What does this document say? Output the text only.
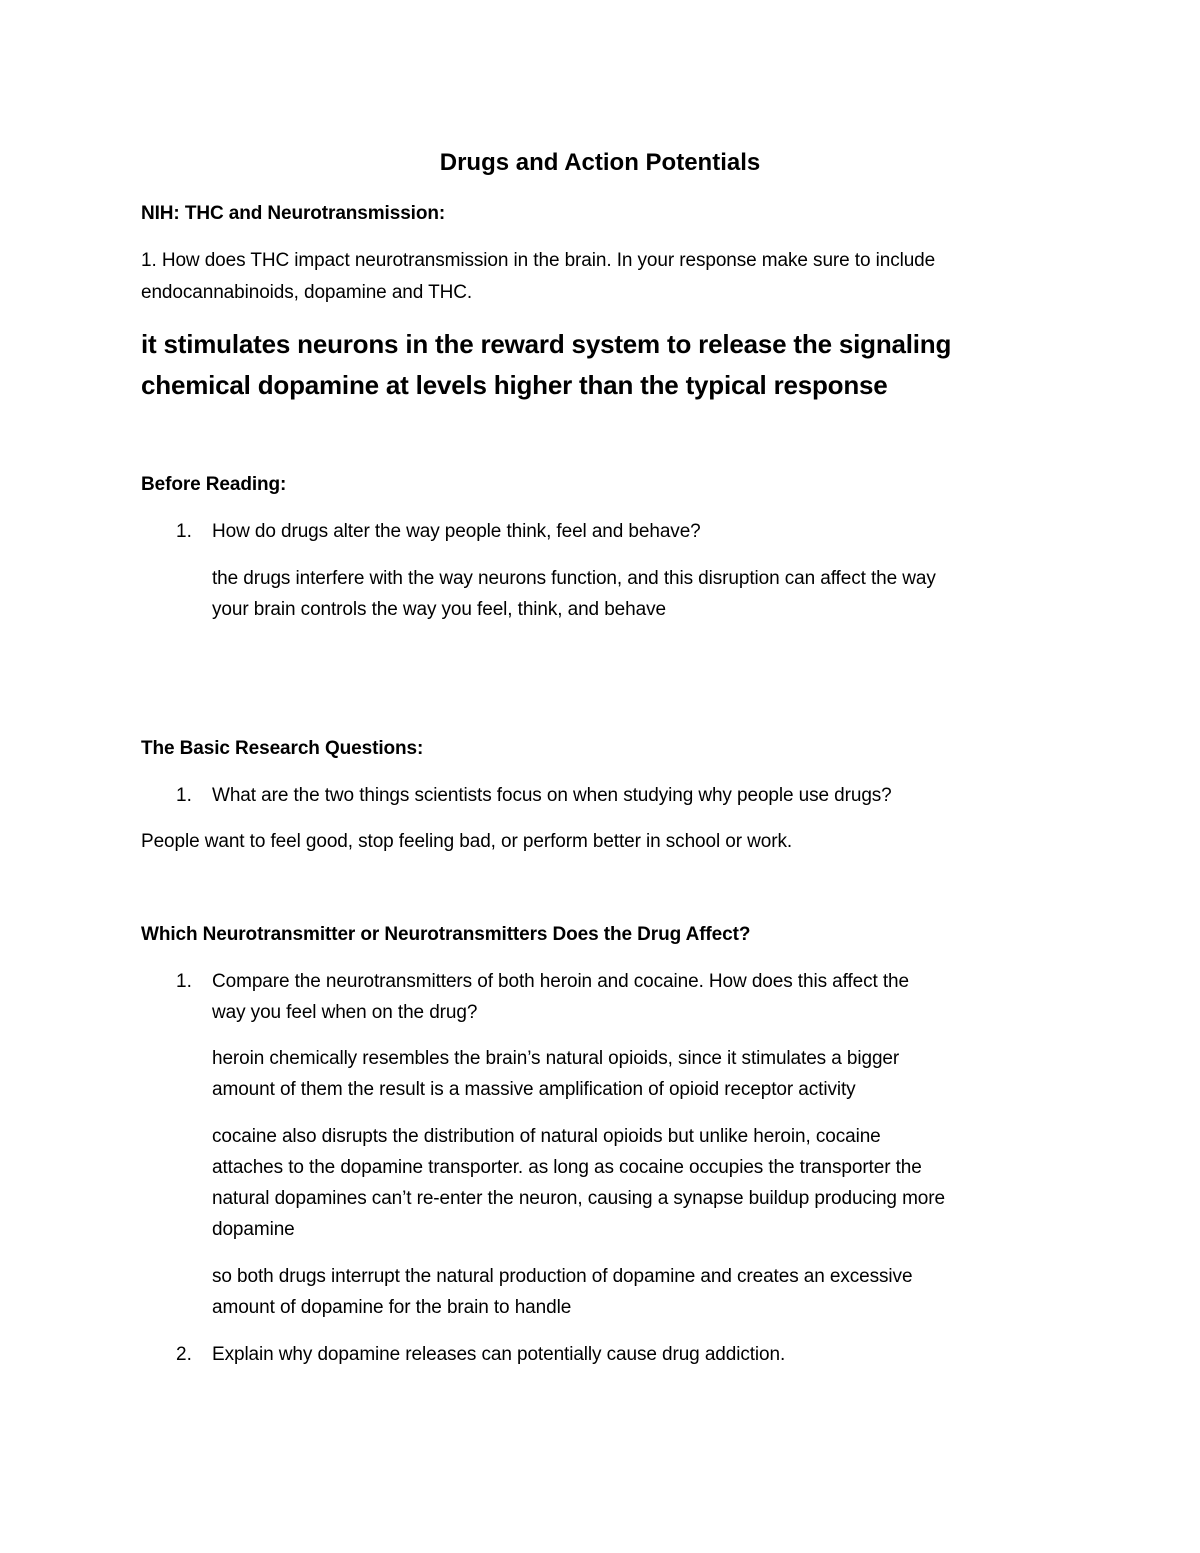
Drugs and Action Potentials
NIH: THC and Neurotransmission:
1. How does THC impact neurotransmission in the brain. In your response make sure to include
endocannabinoids, dopamine and THC.
it stimulates neurons in the reward system to release the signaling
chemical dopamine at levels higher than the typical response
Before Reading:
1. How do drugs alter the way people think, feel and behave?
the drugs interfere with the way neurons function, and this disruption can affect the way
your brain controls the way you feel, think, and behave
The Basic Research Questions:
1. What are the two things scientists focus on when studying why people use drugs?
People want to feel good, stop feeling bad, or perform better in school or work.
Which Neurotransmitter or Neurotransmitters Does the Drug Affect?
1. Compare the neurotransmitters of both heroin and cocaine. How does this affect the
way you feel when on the drug?
heroin chemically resembles the brain’s natural opioids, since it stimulates a bigger
amount of them the result is a massive amplification of opioid receptor activity
cocaine also disrupts the distribution of natural opioids but unlike heroin, cocaine
attaches to the dopamine transporter. as long as cocaine occupies the transporter the
natural dopamines can’t re-enter the neuron, causing a synapse buildup producing more
dopamine
so both drugs interrupt the natural production of dopamine and creates an excessive
amount of dopamine for the brain to handle
2. Explain why dopamine releases can potentially cause drug addiction.
